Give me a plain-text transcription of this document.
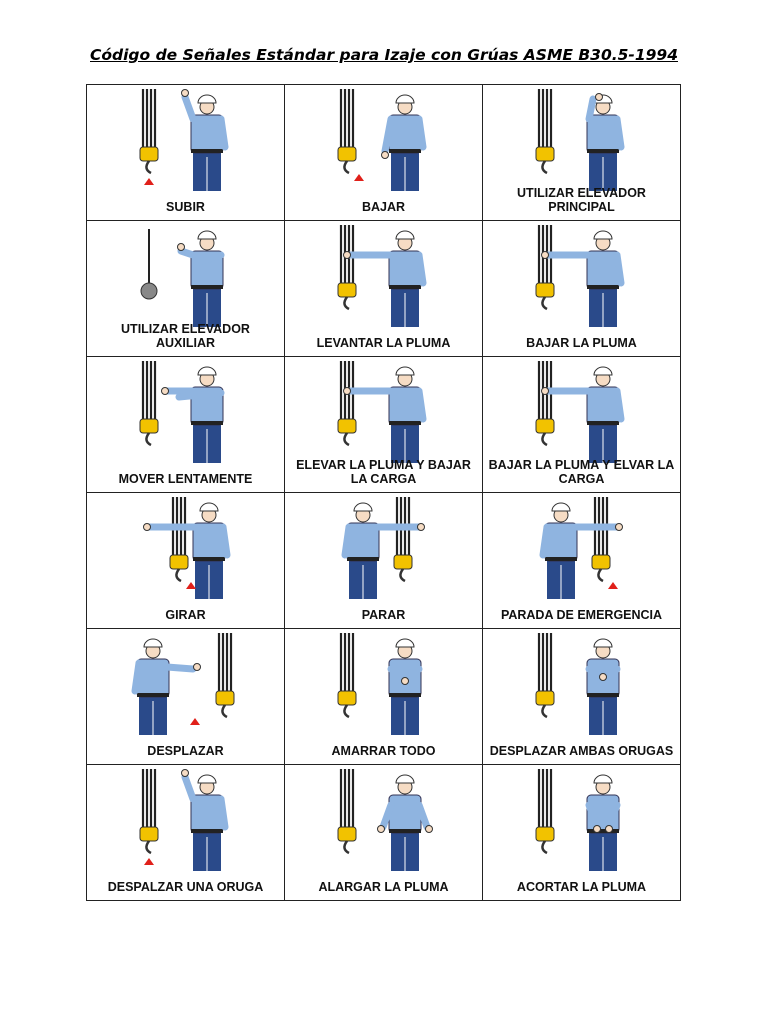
Código de Señales Estándar para Izaje con Grúas ASME B30.5-1994
SUBIR	BAJAR	UTILIZAR ELEVADOR PRINCIPAL

UTILIZAR ELEVADOR AUXILIAR	LEVANTAR LA PLUMA	BAJAR LA PLUMA

MOVER LENTAMENTE	ELEVAR LA PLUMA Y BAJAR LA CARGA	BAJAR LA PLUMA Y ELVAR LA CARGA

GIRAR	PARAR	PARADA DE EMERGENCIA

DESPLAZAR	AMARRAR TODO	DESPLAZAR AMBAS ORUGAS

DESPALZAR UNA ORUGA	ALARGAR LA PLUMA	ACORTAR LA PLUMA
